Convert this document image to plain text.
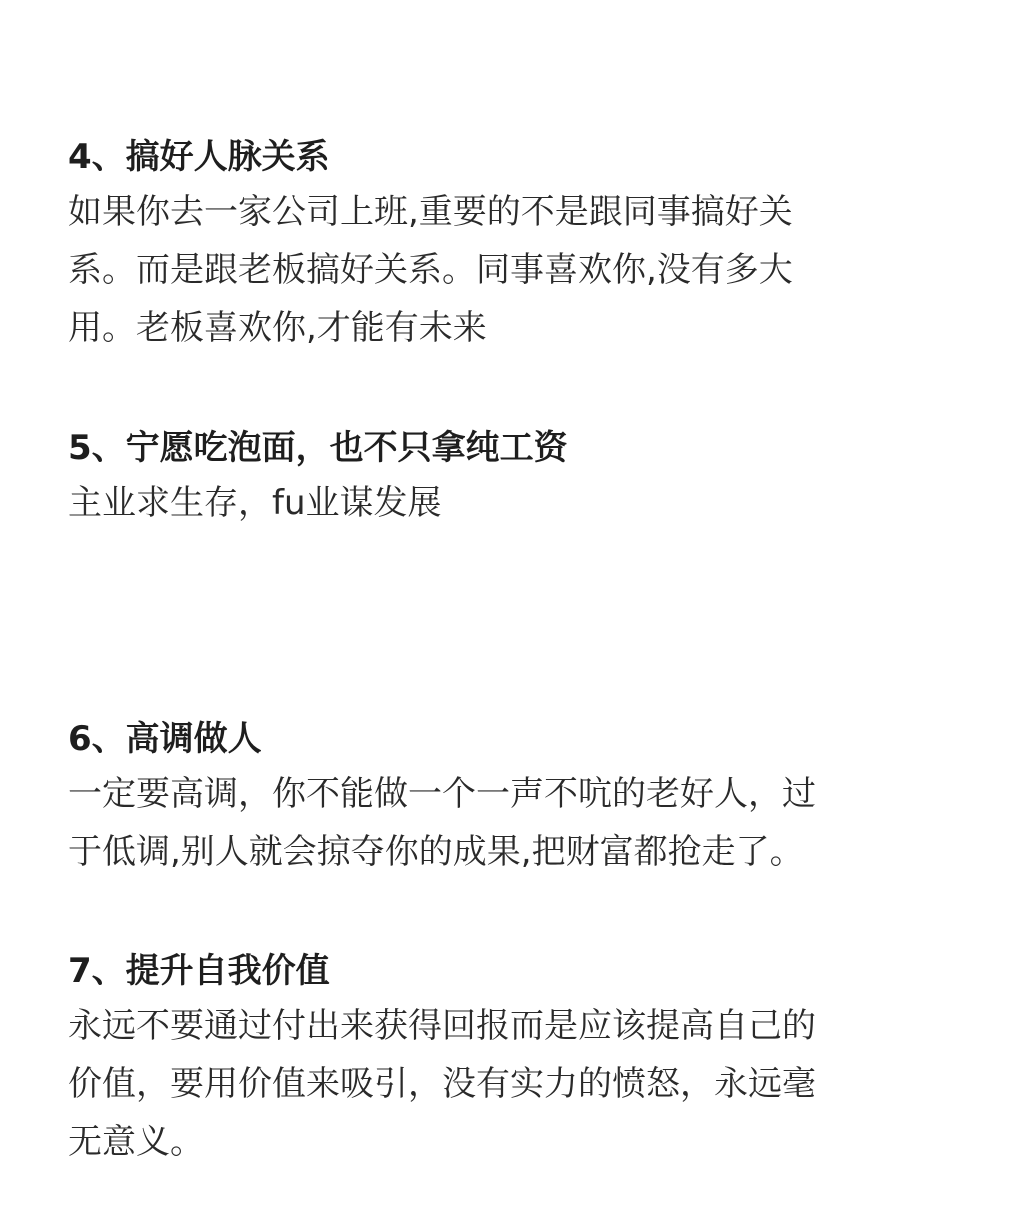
4、搞好人脉关系

如果你去一家公司上班,重要的不是跟同事搞好关

系。而是跟老板搞好关系。同事喜欢你,没有多大

用。老板喜欢你,才能有未来

5、宁愿吃泡面，也不只拿纯工资

主业求生存，fu业谋发展

6、高调做人

一定要高调，你不能做一个一声不吭的老好人，过

于低调,别人就会掠夺你的成果,把财富都抢走了。

7、提升自我价值

永远不要通过付出来获得回报而是应该提高自己的

价值，要用价值来吸引，没有实力的愤怒，永远毫

无意义。
